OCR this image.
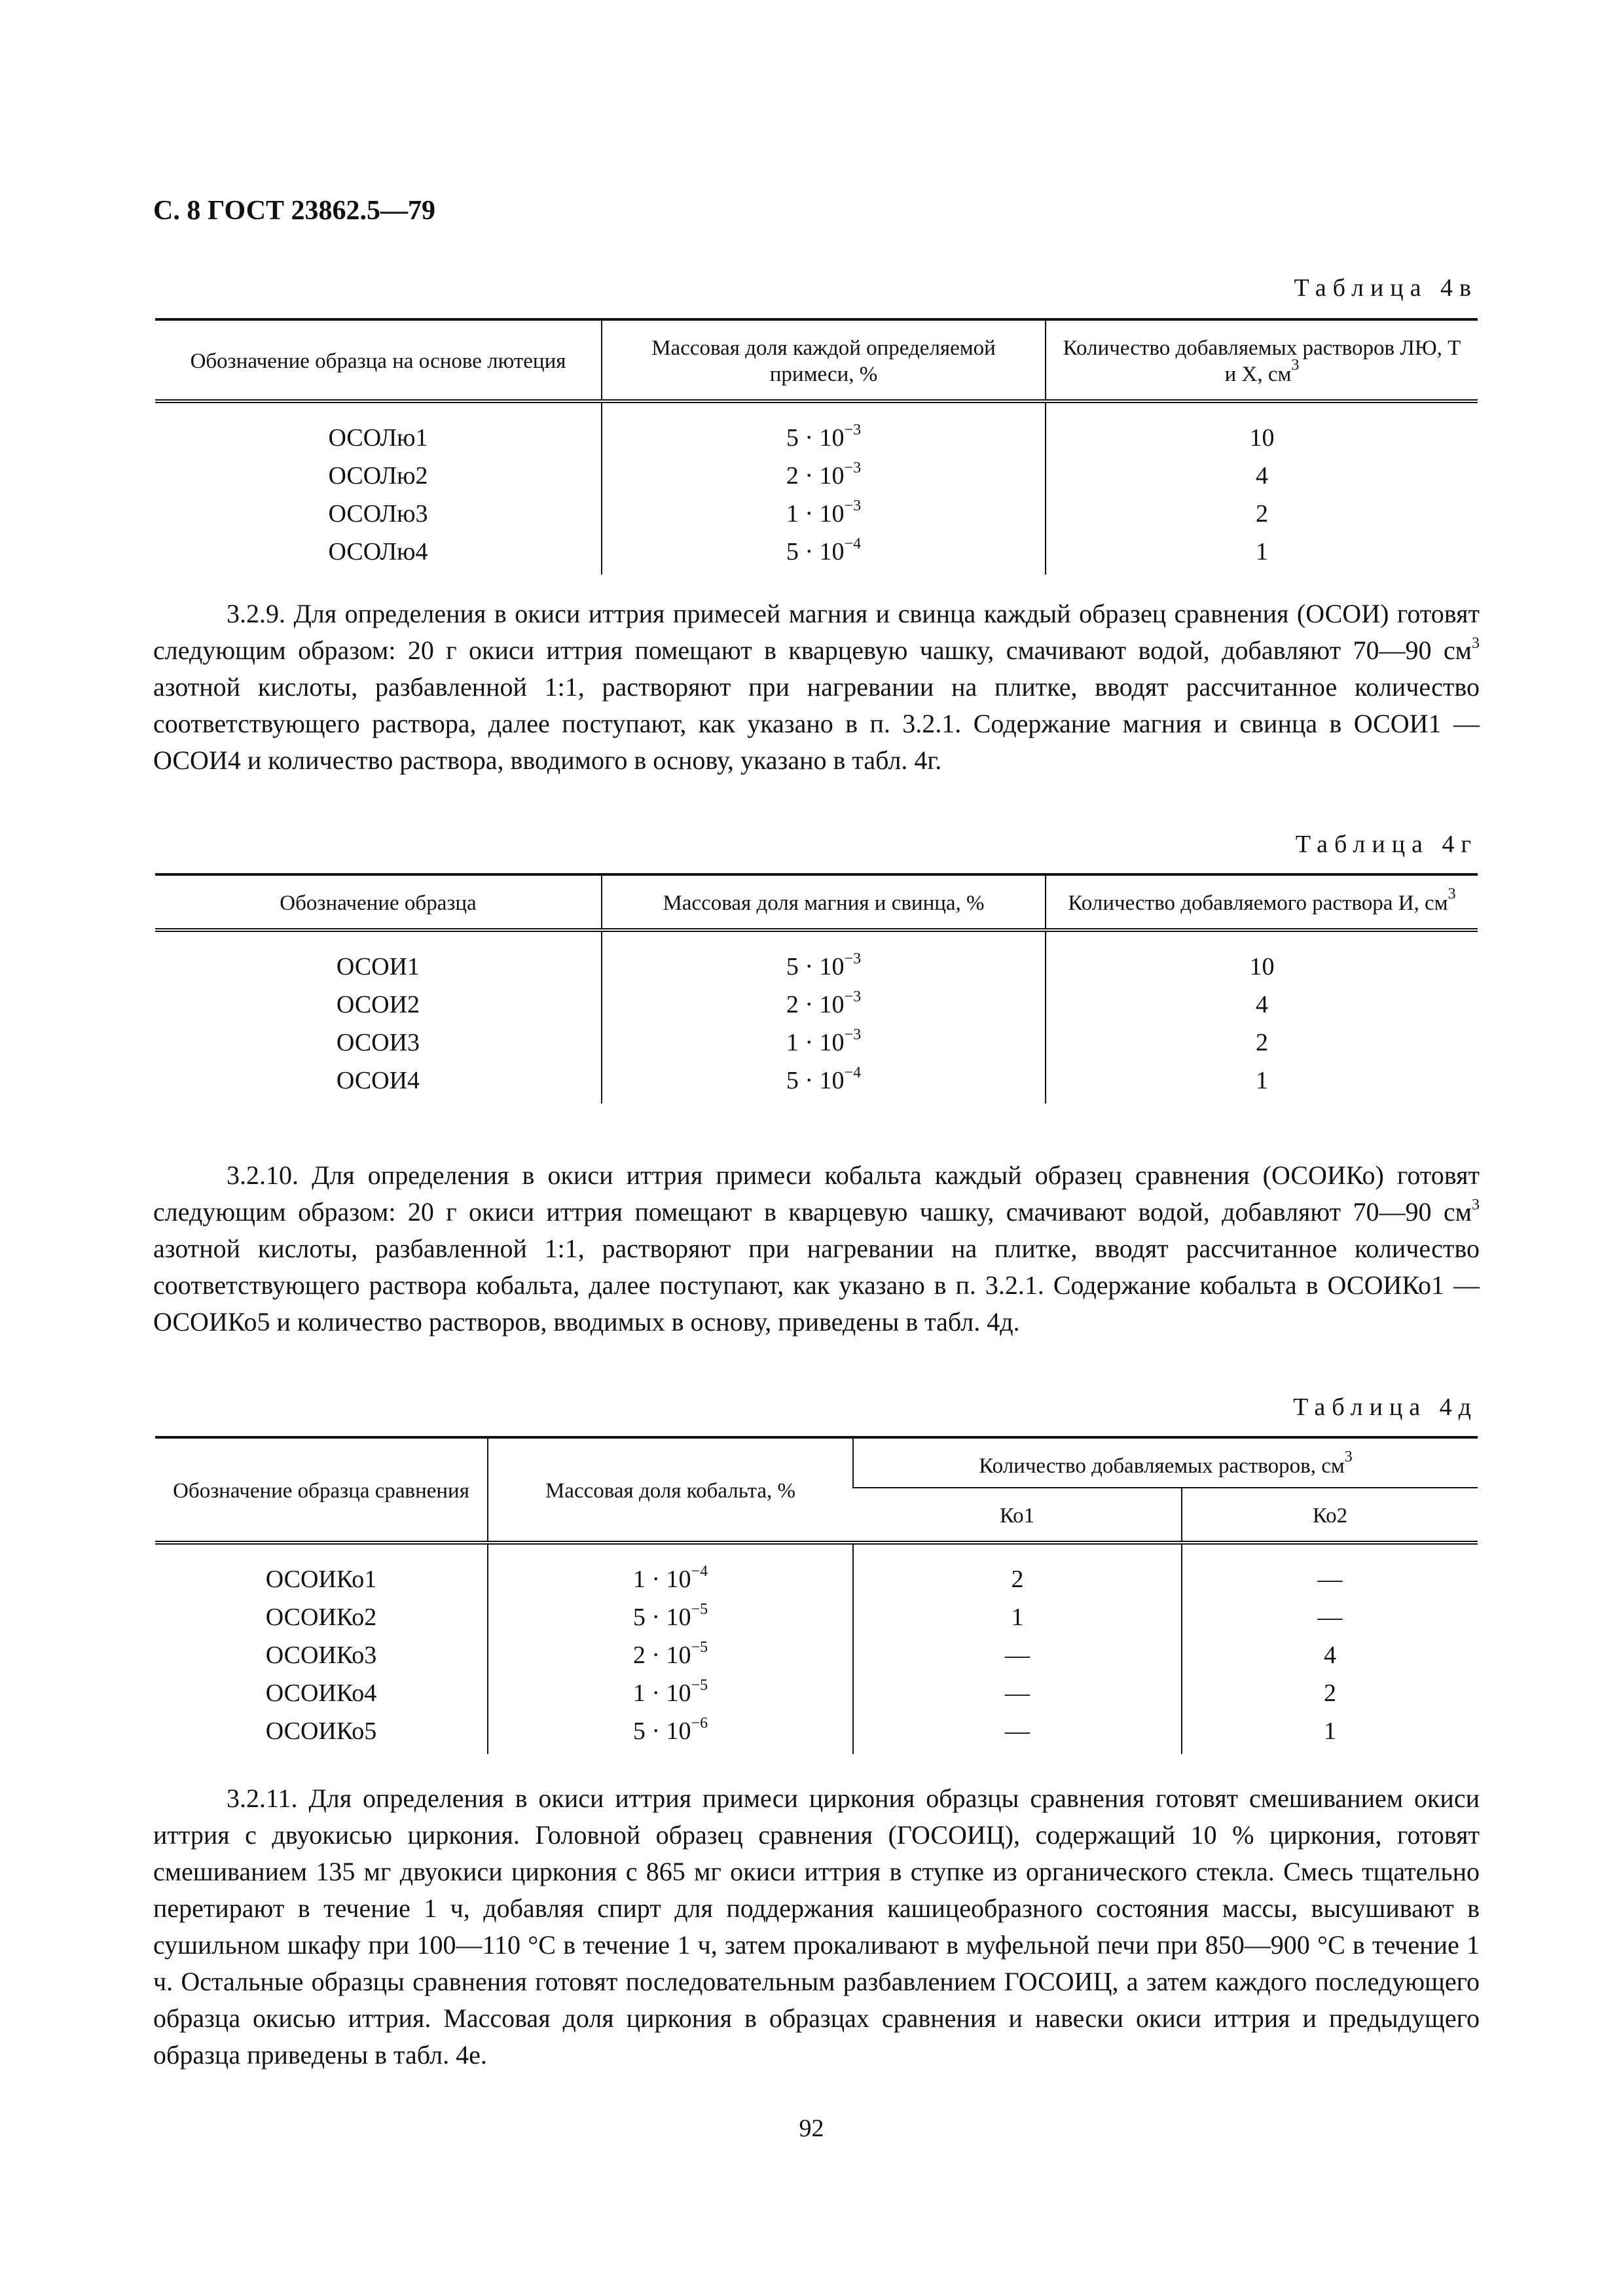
С. 8 ГОСТ 23862.5—79
Таблица 4в
Обозначение образца на основе лютеция	Массовая доля каждой определяемой примеси, %	Количество добавляемых растворов ЛЮ, Т и Х, $см^3$
ОСОЛю1	$5 \cdot 10^{-3}$	10
ОСОЛю2	$2 \cdot 10^{-3}$	4
ОСОЛю3	$1 \cdot 10^{-3}$	2
ОСОЛю4	$5 \cdot 10^{-4}$	1

3.2.9. Для определения в окиси иттрия примесей магния и свинца каждый образец сравнения (ОСОИ) готовят следующим образом: 20 г окиси иттрия помещают в кварцевую чашку, смачивают водой, добавляют 70—90 $см^3$ азотной кислоты, разбавленной 1:1, растворяют при нагревании на плитке, вводят рассчитанное количество соответствующего раствора, далее поступают, как указано в п. 3.2.1. Содержание магния и свинца в ОСОИ1 — ОСОИ4 и количество раствора, вводимого в основу, указано в табл. 4г.

Таблица 4г
Обозначение образца	Массовая доля магния и свинца, %	Количество добавляемого раствора И, $см^3$
ОСОИ1	$5 \cdot 10^{-3}$	10
ОСОИ2	$2 \cdot 10^{-3}$	4
ОСОИ3	$1 \cdot 10^{-3}$	2
ОСОИ4	$5 \cdot 10^{-4}$	1

3.2.10. Для определения в окиси иттрия примеси кобальта каждый образец сравнения (ОСОИКо) готовят следующим образом: 20 г окиси иттрия помещают в кварцевую чашку, смачивают водой, добавляют 70—90 $см^3$ азотной кислоты, разбавленной 1:1, растворяют при нагревании на плитке, вводят рассчитанное количество соответствующего раствора кобальта, далее поступают, как указано в п. 3.2.1. Содержание кобальта в ОСОИКо1 — ОСОИКо5 и количество растворов, вводимых в основу, приведены в табл. 4д.

Таблица 4д
Обозначение образца сравнения	Массовая доля кобальта, %	Количество добавляемых растворов, $см^3$
		Ко1	Ко2
ОСОИКо1	$1 \cdot 10^{-4}$	2	—
ОСОИКо2	$5 \cdot 10^{-5}$	1	—
ОСОИКо3	$2 \cdot 10^{-5}$	—	4
ОСОИКо4	$1 \cdot 10^{-5}$	—	2
ОСОИКо5	$5 \cdot 10^{-6}$	—	1

3.2.11. Для определения в окиси иттрия примеси циркония образцы сравнения готовят смешиванием окиси иттрия с двуокисью циркония. Головной образец сравнения (ГОСОИЦ), содержащий 10 % циркония, готовят смешиванием 135 мг двуокиси циркония с 865 мг окиси иттрия в ступке из органического стекла. Смесь тщательно перетирают в течение 1 ч, добавляя спирт для поддержания кашицеобразного состояния массы, высушивают в сушильном шкафу при 100—110 °С в течение 1 ч, затем прокаливают в муфельной печи при 850—900 °С в течение 1 ч. Остальные образцы сравнения готовят последовательным разбавлением ГОСОИЦ, а затем каждого последующего образца окисью иттрия. Массовая доля циркония в образцах сравнения и навески окиси иттрия и предыдущего образца приведены в табл. 4е.

92
